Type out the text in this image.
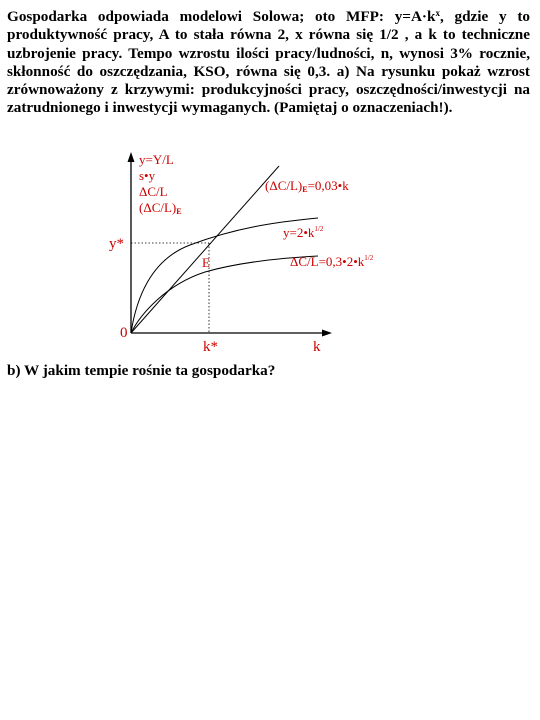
Gospodarka odpowiada modelowi Solowa; oto MFP: $y=A\cdot k^x$, gdzie y to produktywność pracy, A to stała równa 2, x równa się 1/2 , a k to techniczne uzbrojenie pracy. Tempo wzrostu ilości pracy/ludności, n, wynosi 3% rocznie, skłonność do oszczędzania, KSO, równa się 0,3. a) Na rysunku pokaż wzrost zrównoważony z krzywymi: produkcyjności pracy, oszczędności/inwestycji na zatrudnionego i inwestycji wymaganych. (Pamiętaj o oznaczeniach!).

y=Y/L
s•y
ΔC/L
$(\Delta C/L)_E$
$(\Delta C/L)_E=0,03•k$
$y=2•k^{1/2}$
$\Delta C/L=0,3•2•k^{1/2}$
E
y*
0
k*	k

b) W jakim tempie rośnie ta gospodarka?
